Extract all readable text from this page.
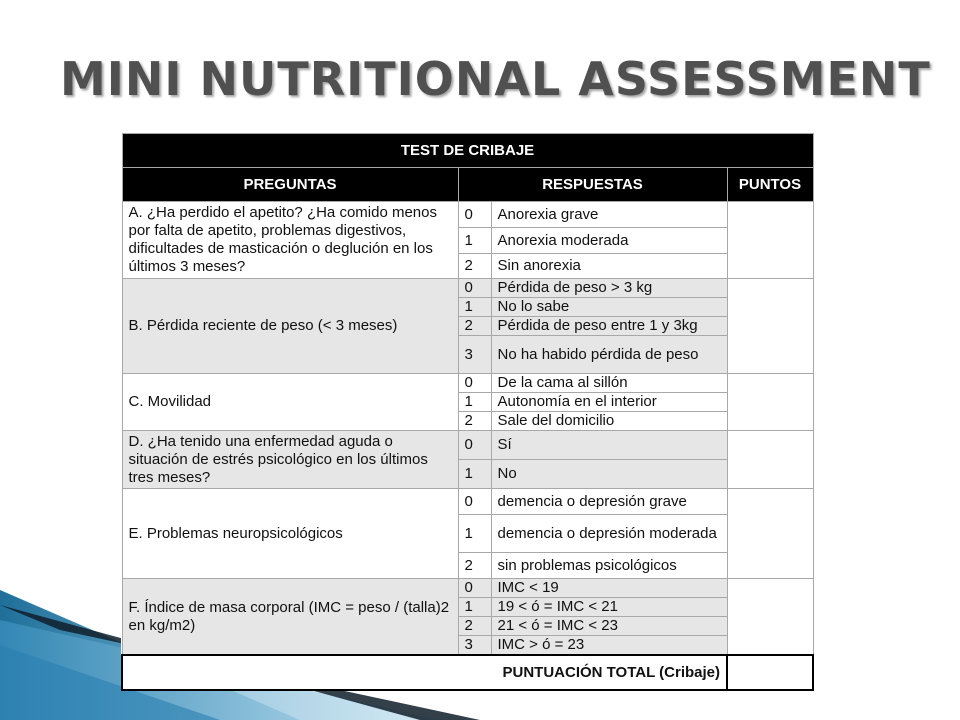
MINI NUTRITIONAL ASSESSMENT
TEST DE CRIBAJE			
PREGUNTAS	RESPUESTAS		PUNTOS
A. ¿Ha perdido el apetito? ¿Ha comido menos por falta de apetito, problemas digestivos, dificultades de masticación o deglución en los últimos 3 meses?	0	Anorexia grave	
	1	Anorexia moderada	
	2	Sin anorexia	
B. Pérdida reciente de peso (< 3 meses)	0	Pérdida de peso > 3 kg	
	1	No lo sabe	
	2	Pérdida de peso entre 1 y 3kg	
	3	No ha habido pérdida de peso	
C. Movilidad	0	De la cama al sillón	
	1	Autonomía en el interior	
	2	Sale del domicilio	
D. ¿Ha tenido una enfermedad aguda o situación de estrés psicológico en los últimos tres meses?	0	Sí	
	1	No	
E. Problemas neuropsicológicos	0	demencia o depresión grave	
	1	demencia o depresión moderada	
	2	sin problemas psicológicos	
F. Índice de masa corporal (IMC = peso / (talla)2 en kg/m2)	0	IMC < 19	
	1	19 < ó = IMC < 21	
	2	21 < ó = IMC < 23	
	3	IMC > ó = 23	
PUNTUACIÓN TOTAL (Cribaje)			
